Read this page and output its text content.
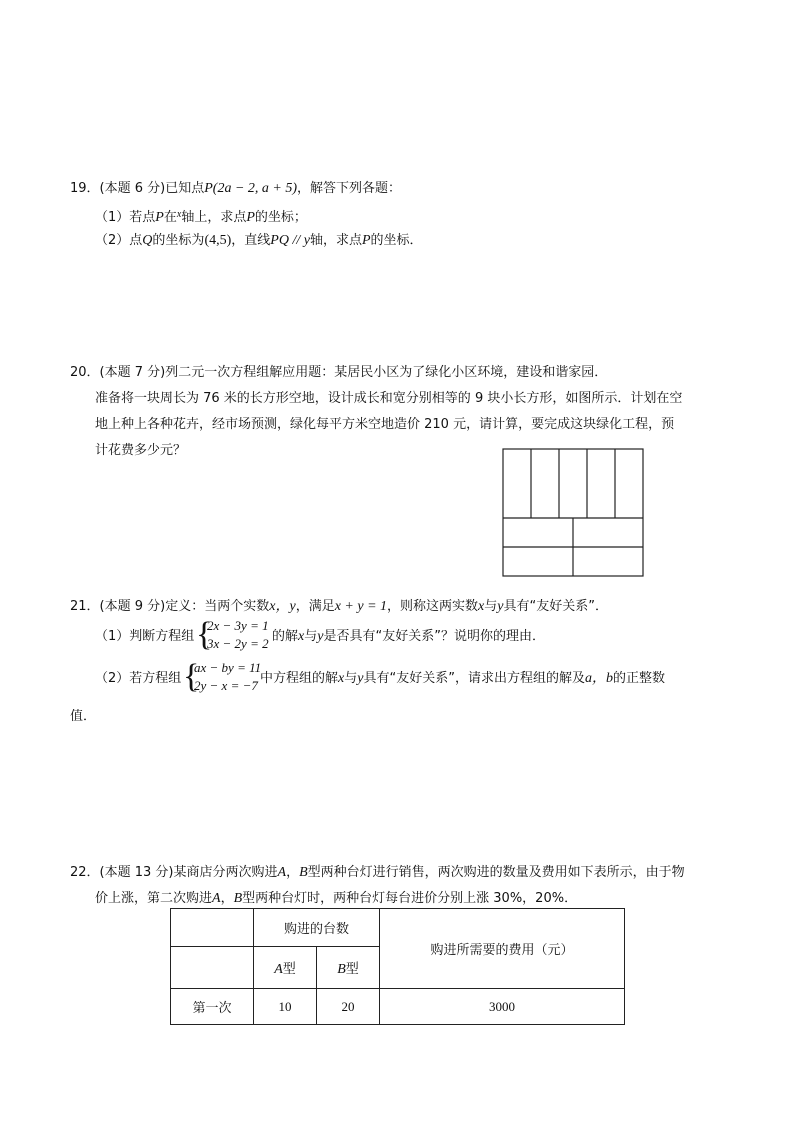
19．(本题 6 分)已知点P(2a − 2, a + 5)，解答下列各题：
（1）若点P在$^x$轴上，求点P的坐标；
（2）点Q的坐标为(4,5)，直线PQ // y轴，求点P的坐标．
20．(本题 7 分)列二元一次方程组解应用题：某居民小区为了绿化小区环境，建设和谐家园．
准备将一块周长为 76 米的长方形空地，设计成长和宽分别相等的 9 块小长方形，如图所示．计划在空
地上种上各种花卉，经市场预测，绿化每平方米空地造价 210 元，请计算，要完成这块绿化工程，预
计花费多少元？
21．(本题 9 分)定义：当两个实数x，y，满足x + y = 1，则称这两实数x与y具有“友好关系”．
（1）判断方程组 {
2x − 3y = 1
3x − 2y = 2 的解x与y是否具有“友好关系”？说明你的理由．
（2）若方程组 {
ax − by = 11
2y − x = −7 中方程组的解x与y具有“友好关系”，请求出方程组的解及a，b的正整数
值．
22．(本题 13 分)某商店分两次购进A，B型两种台灯进行销售，两次购进的数量及费用如下表所示，由于物
价上涨，第二次购进A，B型两种台灯时，两种台灯每台进价分别上涨 30%，20%．
	购进的台数		购进所需要的费用（元）
	A型	B型	
第一次	10	20	3000
